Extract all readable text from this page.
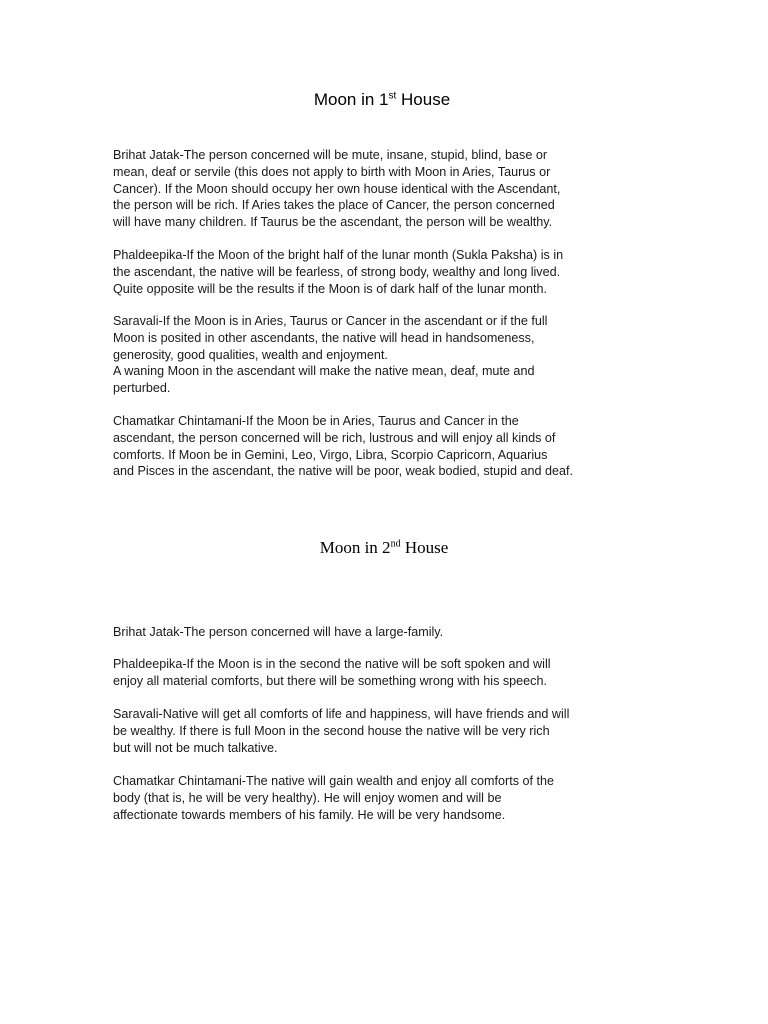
Moon in 1st House

Brihat Jatak-The person concerned will be mute, insane, stupid, blind, base or
mean, deaf or servile (this does not apply to birth with Moon in Aries, Taurus or
Cancer). If the Moon should occupy her own house identical with the Ascendant,
the person will be rich. If Aries takes the place of Cancer, the person concerned
will have many children. If Taurus be the ascendant, the person will be wealthy.

Phaldeepika-If the Moon of the bright half of the lunar month (Sukla Paksha) is in
the ascendant, the native will be fearless, of strong body, wealthy and long lived.
Quite opposite will be the results if the Moon is of dark half of the lunar month.

Saravali-If the Moon is in Aries, Taurus or Cancer in the ascendant or if the full
Moon is posited in other ascendants, the native will head in handsomeness,
generosity, good qualities, wealth and enjoyment.
A waning Moon in the ascendant will make the native mean, deaf, mute and
perturbed.

Chamatkar Chintamani-If the Moon be in Aries, Taurus and Cancer in the
ascendant, the person concerned will be rich, lustrous and will enjoy all kinds of
comforts. If Moon be in Gemini, Leo, Virgo, Libra, Scorpio Capricorn, Aquarius
and Pisces in the ascendant, the native will be poor, weak bodied, stupid and deaf.

Moon in 2nd House

Brihat Jatak-The person concerned will have a large-family.

Phaldeepika-If the Moon is in the second the native will be soft spoken and will
enjoy all material comforts, but there will be something wrong with his speech.

Saravali-Native will get all comforts of life and happiness, will have friends and will
be wealthy. If there is full Moon in the second house the native will be very rich
but will not be much talkative.

Chamatkar Chintamani-The native will gain wealth and enjoy all comforts of the
body (that is, he will be very healthy). He will enjoy women and will be
affectionate towards members of his family. He will be very handsome.
